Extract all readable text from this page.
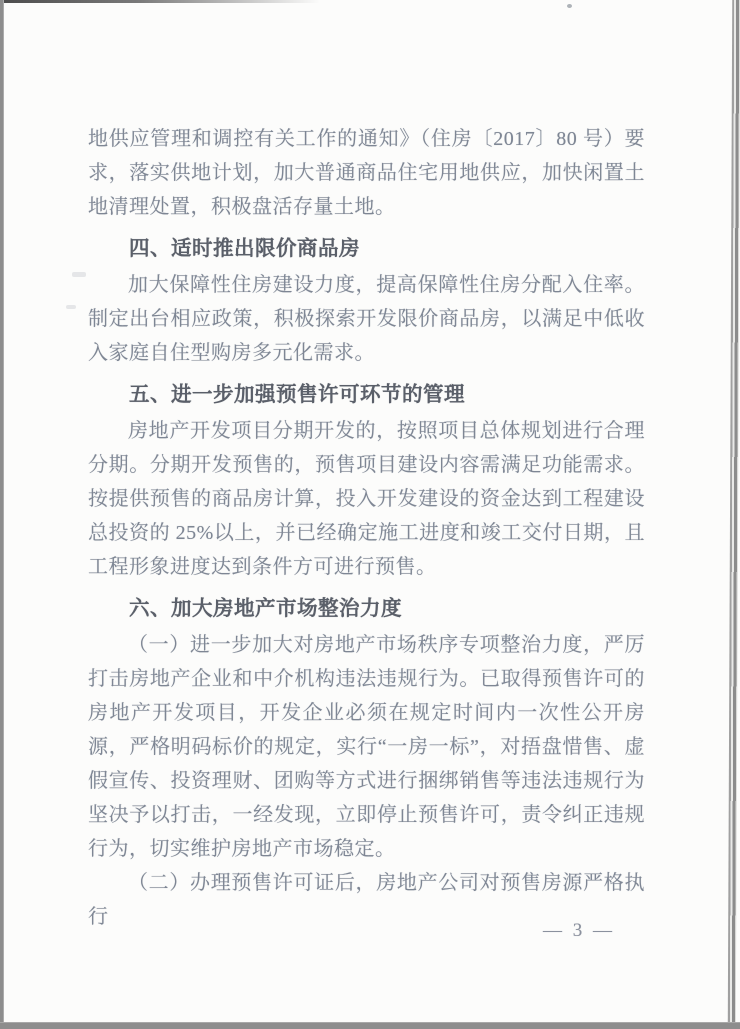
地供应管理和调控有关工作的通知》（住房〔2017〕80 号）要求，落实供地计划，加大普通商品住宅用地供应，加快闲置土地清理处置，积极盘活存量土地。

四、适时推出限价商品房

加大保障性住房建设力度，提高保障性住房分配入住率。制定出台相应政策，积极探索开发限价商品房，以满足中低收入家庭自住型购房多元化需求。

五、进一步加强预售许可环节的管理

房地产开发项目分期开发的，按照项目总体规划进行合理分期。分期开发预售的，预售项目建设内容需满足功能需求。按提供预售的商品房计算，投入开发建设的资金达到工程建设总投资的 25%以上，并已经确定施工进度和竣工交付日期，且工程形象进度达到条件方可进行预售。

六、加大房地产市场整治力度

（一）进一步加大对房地产市场秩序专项整治力度，严厉打击房地产企业和中介机构违法违规行为。已取得预售许可的房地产开发项目，开发企业必须在规定时间内一次性公开房源，严格明码标价的规定，实行“一房一标”，对捂盘惜售、虚假宣传、投资理财、团购等方式进行捆绑销售等违法违规行为坚决予以打击，一经发现，立即停止预售许可，责令纠正违规行为，切实维护房地产市场稳定。

（二）办理预售许可证后，房地产公司对预售房源严格执行

— 3 —
